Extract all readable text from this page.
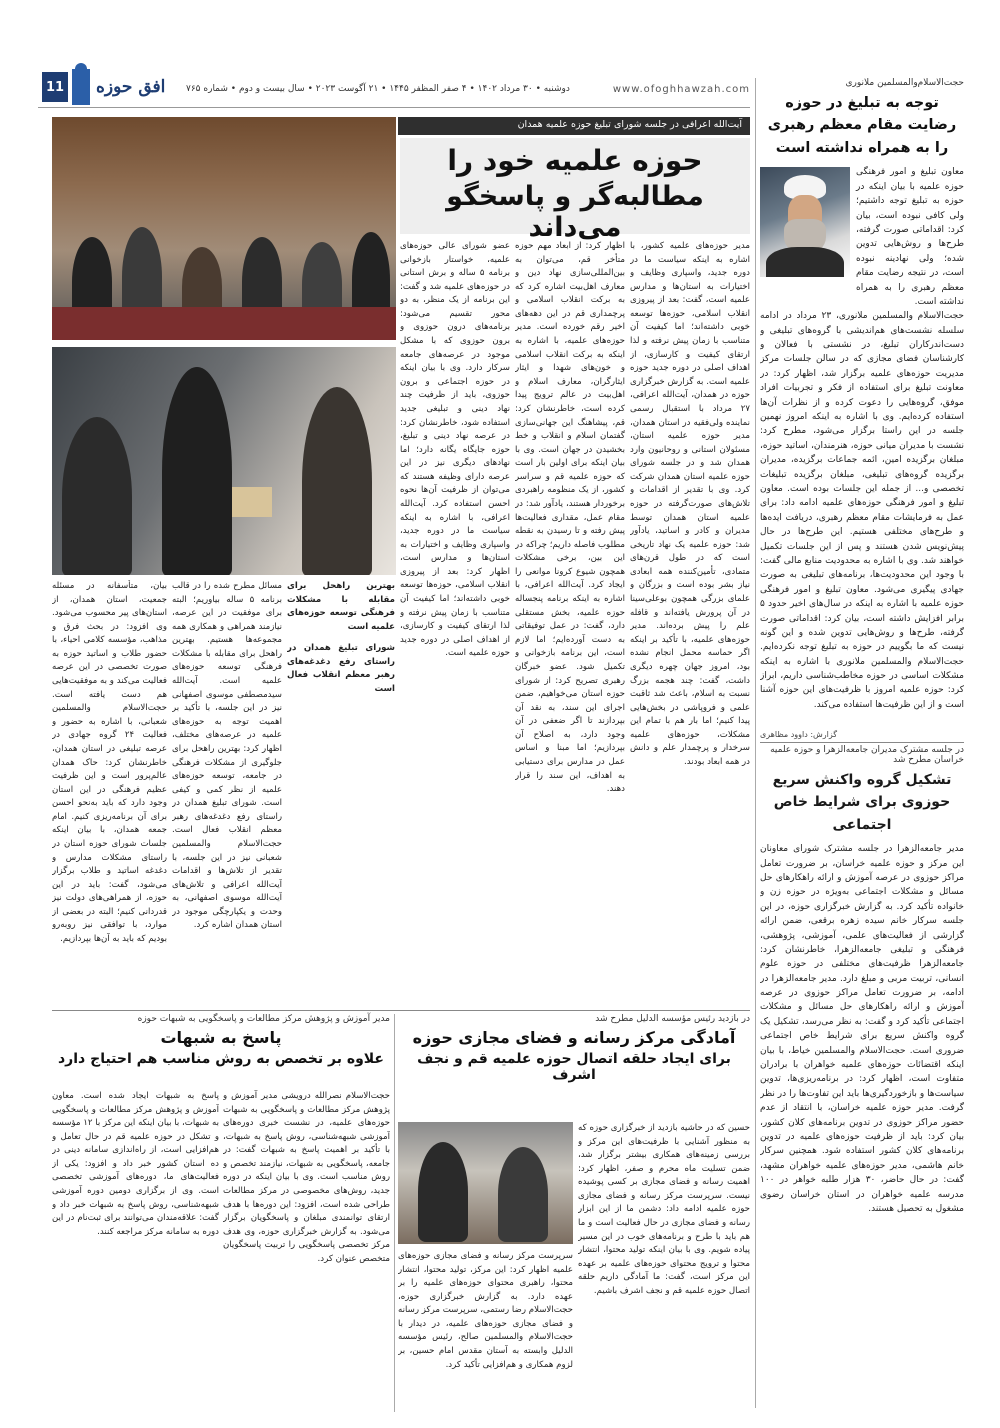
11 افق حوزه دوشنبه • ۳۰ مرداد ۱۴۰۲ • ۴ صفر المظفر ۱۴۴۵ • ۲۱ آگوست ۲۰۲۳ • سال بیست و دوم • شماره ۷۶۵	www.ofoghhawzah.com
حجت‌الاسلام‌والمسلمین ملانوری
توجه به تبلیغ در حوزه رضایت مقام معظم رهبری را به همراه نداشته است

معاون تبلیغ و امور فرهنگی حوزه علمیه با بیان اینکه در حوزه به تبلیغ توجه داشتیم؛ ولی کافی نبوده است، بیان کرد: اقداماتی صورت گرفته، طرح‌ها و روش‌هایی تدوین شده؛ ولی نهادینه نبوده است، در نتیجه رضایت مقام معظم رهبری را به همراه نداشته است.

حجت‌الاسلام والمسلمین ملانوری، ۲۳ مرداد در ادامه سلسله نشست‌های هم‌اندیشی با گروه‌های تبلیغی و دست‌اندرکاران تبلیغ، در نشستی با فعالان و کارشناسان فضای مجازی که در سالن جلسات مرکز مدیریت حوزه‌های علمیه برگزار شد، اظهار کرد: در معاونت تبلیغ برای استفاده از فکر و تجربیات افراد موفق، گروه‌هایی را دعوت کرده و از نظرات آن‌ها استفاده کرده‌ایم. وی با اشاره به اینکه امروز نهمین جلسه در این راستا برگزار می‌شود، مطرح کرد: نشست با مدیران میانی حوزه، هنرمندان، اساتید حوزه، مبلغان برگزیده امین، ائمه جماعات برگزیده، مدیران برگزیده گروه‌های تبلیغی، مبلغان برگزیده تبلیغات تخصصی و... از جمله این جلسات بوده است. معاون تبلیغ و امور فرهنگی حوزه‌های علمیه ادامه داد: برای عمل به فرمایشات مقام معظم رهبری، دریافت ایده‌ها و طرح‌های مختلفی هستیم. این طرح‌ها در حال پیش‌نویس شدن هستند و پس از این جلسات تکمیل خواهند شد. وی با اشاره به محدودیت منابع مالی گفت: با وجود این محدودیت‌ها، برنامه‌های تبلیغی به صورت جهادی پیگیری می‌شود. معاون تبلیغ و امور فرهنگی حوزه علمیه با اشاره به اینکه در سال‌های اخیر حدود ۵ برابر افزایش داشته است، بیان کرد: اقداماتی صورت گرفته، طرح‌ها و روش‌هایی تدوین شده و این گونه نیست که ما بگوییم در حوزه به تبلیغ توجه نکرده‌ایم. حجت‌الاسلام والمسلمین ملانوری با اشاره به اینکه مشکلات اساسی در حوزه مخاطب‌شناسی داریم، ابراز کرد: حوزه علمیه امروز با ظرفیت‌های این حوزه آشنا است و از این ظرفیت‌ها استفاده می‌کند.

گزارش: داوود مظاهری
در جلسه مشترک مدیران جامعه‌الزهرا و حوزه علمیه خراسان مطرح شد
تشکیل گروه واکنش سریع حوزوی برای شرایط خاص اجتماعی

مدیر جامعه‌الزهرا در جلسه مشترک شورای معاونان این مرکز و حوزه علمیه خراسان، بر ضرورت تعامل مراکز حوزوی در عرصه آموزش و ارائه راهکارهای حل مسائل و مشکلات اجتماعی به‌ویژه در حوزه زن و خانواده تأکید کرد. به گزارش خبرگزاری حوزه، در این جلسه سرکار خانم سیده زهره برقعی، ضمن ارائه گزارشی از فعالیت‌های علمی، آموزشی، پژوهشی، فرهنگی و تبلیغی جامعه‌الزهرا، خاطرنشان کرد: جامعه‌الزهرا ظرفیت‌های مختلفی در حوزه علوم انسانی، تربیت مربی و مبلغ دارد. مدیر جامعه‌الزهرا در ادامه، بر ضرورت تعامل مراکز حوزوی در عرصه آموزش و ارائه راهکارهای حل مسائل و مشکلات اجتماعی تأکید کرد و گفت: به نظر می‌رسد، تشکیل یک گروه واکنش سریع برای شرایط خاص اجتماعی ضروری است. حجت‌الاسلام والمسلمین خیاط، با بیان اینکه اقتضائات حوزه‌های علمیه خواهران با برادران متفاوت است، اظهار کرد: در برنامه‌ریزی‌ها، تدوین سیاست‌ها و بازخوردگیری‌ها باید این تفاوت‌ها را در نظر گرفت. مدیر حوزه علمیه خراسان، با انتقاد از عدم حضور مراکز حوزوی در تدوین برنامه‌های کلان کشور، بیان کرد: باید از ظرفیت حوزه‌های علمیه در تدوین برنامه‌های کلان کشور استفاده شود. همچنین سرکار خانم هاشمی، مدیر حوزه‌های علمیه خواهران مشهد، گفت: در حال حاضر، ۳۰ هزار طلبه خواهر در ۱۰۰ مدرسه علمیه خواهران در استان خراسان رضوی مشغول به تحصیل هستند.

آیت‌الله اعرافی در جلسه شورای تبلیغ حوزه علمیه همدان
حوزه علمیه خود را
مطالبه‌گر و پاسخگو می‌داند
مدیر حوزه‌های علمیه کشور، با اشاره به اینکه سیاست ما در دوره جدید، واسپاری وظایف و اختیارات به استان‌ها و مدارس علمیه است، گفت: بعد از پیروزی انقلاب اسلامی، حوزه‌ها توسعه خوبی داشته‌اند؛ اما کیفیت آن متناسب با زمان پیش نرفته و لذا ارتقای کیفیت و کارسازی، از اهداف اصلی در دوره جدید حوزه علمیه است. به گزارش خبرگزاری حوزه در همدان، آیت‌الله اعرافی، ۲۷ مرداد با استقبال رسمی نماینده ولی‌فقیه در استان همدان، مدیر حوزه علمیه استان، مسئولان استانی و روحانیون وارد همدان شد و در جلسه شورای حوزه علمیه استان همدان شرکت کرد. وی با تقدیر از اقدامات و تلاش‌های صورت‌گرفته در حوزه علمیه استان همدان توسط مدیران و کادر و اساتید، یادآور شد: حوزه علمیه یک نهاد تاریخی است که در طول قرن‌های متمادی، تأمین‌کننده همه ابعادی نیاز بشر بوده است و بزرگان و علمای بزرگی همچون بوعلی‌سینا در آن پرورش یافته‌اند و قافله علم را پیش برده‌اند. مدیر حوزه‌های علمیه، با تأکید بر اینکه اگر حماسه محمل انجام نشده بود، امروز جهان چهره دیگری داشت، گفت: چند هجمه بزرگ نسبت به اسلام، باعث شد ثاقبت علمی و فروپاشی در بخش‌هایی پیدا کنیم؛ اما بار هم با تمام این مشکلات، حوزه‌های علمیه سرخدار و پرچمدار علم و دانش در همه ابعاد بودند.
اظهار کرد: از ابعاد مهم حوزه متأخر قم، می‌توان به بین‌المللی‌سازی نهاد دین و معارف اهل‌بیت اشاره کرد که به برکت انقلاب اسلامی و پرچمداری قم در این دهه‌های اخیر رقم خورده است. مدیر حوزه‌های علمیه، با اشاره به اینکه به برکت انقلاب اسلامی و خون‌های شهدا و ایثار ایثارگران، معارف اسلام و اهل‌بیت در عالم ترویج پیدا کرده است، خاطرنشان کرد: قم، پیشاهنگ این جهانی‌سازی گفتمان اسلام و انقلاب و خط بخشیدن در جهان است. وی با بیان اینکه برای اولین بار است که حوزه علمیه قم و سراسر کشور، از یک منظومه راهبردی برخوردار هستند، یادآور شد: در مقام عمل، مقداری فعالیت‌ها پیش رفته و تا رسیدن به نقطه مطلوب فاصله داریم؛ چراکه در این بین، برخی مشکلات همچون شیوع کرونا موانعی را ایجاد کرد. آیت‌الله اعرافی، با اشاره به اینکه برنامه پنجساله حوزه علمیه، بخش مستقلی دارد، گفت: در عمل توفیقاتی به دست آورده‌ایم؛ اما لازم است، این برنامه بازخوانی و تکمیل شود. عضو خبرگان رهبری تصریح کرد: از شورای حوزه استان می‌خواهیم، ضمن اجرای این سند، به نقد آن بپردازند تا اگر ضعفی در آن وجود دارد، به اصلاح آن بپردازیم؛ اما مبنا و اساس عمل در مدارس برای دستیابی به اهداف، این سند را قرار دهند.
عضو شورای عالی حوزه‌های علمیه، خواستار بازخوانی برنامه ۵ ساله و برش استانی در حوزه‌های علمیه شد و گفت: این برنامه از یک منظر، به دو محور تقسیم می‌شود: برنامه‌های درون حوزوی و برون حوزوی که با مشکل موجود در عرصه‌های جامعه سرکار دارد. وی با بیان اینکه در حوزه اجتماعی و برون حوزوی، باید از ظرفیت چند نهاد دینی و تبلیغی جدید استفاده شود، خاطرنشان کرد: در عرصه نهاد دینی و تبلیغ، حوزه جایگاه یگانه دارد؛ اما نهادهای دیگری نیز در این عرصه دارای وظیفه هستند که می‌توان از ظرفیت آن‌ها نحوه احسن استفاده کرد. آیت‌الله اعرافی، با اشاره به اینکه سیاست ما در دوره جدید، واسپاری وظایف و اختیارات به استان‌ها و مدارس است، اظهار کرد: بعد از پیروزی انقلاب اسلامی، حوزه‌ها توسعه خوبی داشته‌اند؛ اما کیفیت آن متناسب با زمان پیش نرفته و لذا ارتقای کیفیت و کارسازی، از اهداف اصلی در دوره جدید حوزه علمیه است.
بیان، متأسفانه در مسئله جمعیت، استان همدان، از استان‌های پیر محسوب می‌شود. وی افزود: در بحث فرق و مذاهب، مؤسسه کلامی احیاء، با حضور طلاب و اساتید حوزه به صورت تخصصی در این عرصه فعالیت می‌کند و به موفقیت‌هایی هم دست یافته است. حجت‌الاسلام والمسلمین شعبانی، با اشاره به حضور و فعالیت ۲۴ گروه جهادی در عرصه تبلیغی در استان همدان، خاطرنشان کرد: حاک همدان عالم‌پرور است و این ظرفیت عظیم فرهنگی در این استان وجود دارد که باید به‌نحو احسن برای آن برنامه‌ریزی کنیم. امام جمعه همدان، با بیان اینکه جلسات شورای حوزه استان در راستای مشکلات مدارس و دغدغه اساتید و طلاب برگزار می‌شود، گفت: باید در این حوزه، از همراهی‌های دولت نیز قدردانی کنیم؛ البته در بعضی از موارد، با توافقی نیز روبه‌رو بودیم که باید به آن‌ها بپردازیم.
مسائل مطرح شده را در قالب برنامه ۵ ساله بیاوریم؛ البته برای موفقیت در این عرصه، نیازمند همراهی و همکاری همه مجموعه‌ها هستیم. بهترین راهحل برای مقابله با مشکلات فرهنگی توسعه حوزه‌های علمیه است. آیت‌الله سیدمصطفی موسوی اصفهانی نیز در این جلسه، با تأکید بر اهمیت توجه به حوزه‌های علمیه در عرصه‌های مختلف، اظهار کرد: بهترین راهحل برای جلوگیری از مشکلات فرهنگی در جامعه، توسعه حوزه‌های علمیه از نظر کمی و کیفی است. شورای تبلیغ همدان در راستای رفع دغدغه‌های رهبر معظم انقلاب فعال است. حجت‌الاسلام والمسلمین شعبانی نیز در این جلسه، با تقدیر از تلاش‌ها و اقدامات آیت‌الله اعرافی و تلاش‌های آیت‌الله موسوی اصفهانی، به وحدت و یکپارچگی موجود در استان همدان اشاره کرد.

بهترین راهحل برای مقابله با مشکلات فرهنگی توسعه حوزه‌های علمیه است

شورای تبلیغ همدان در راستای رفع دغدغه‌های رهبر معظم انقلاب فعال است

در بازدید رئیس مؤسسه الدلیل مطرح شد
آمادگی مرکز رسانه و فضای مجازی حوزه
برای ایجاد حلقه اتصال حوزه علمیه قم و نجف اشرف
حسین که در حاشیه بازدید از خبرگزاری حوزه که به منظور آشنایی با ظرفیت‌های این مرکز و بررسی زمینه‌های همکاری بیشتر برگزار شد، ضمن تسلیت ماه محرم و صفر، اظهار کرد: اهمیت رسانه و فضای مجازی بر کسی پوشیده نیست. سرپرست مرکز رسانه و فضای مجازی حوزه علمیه ادامه داد: دشمن ما از این ابزار رسانه و فضای مجازی در حال فعالیت است و ما هم باید با طرح و برنامه‌های خوب در این مسیر پیاده شویم. وی با بیان اینکه تولید محتوا، انتشار محتوا و ترویج محتوای حوزه‌های علمیه بر عهده این مرکز است، گفت: ما آمادگی داریم حلقه اتصال حوزه علمیه قم و نجف اشرف باشیم.
سرپرست مرکز رسانه و فضای مجازی حوزه‌های علمیه اظهار کرد: این مرکز، تولید محتوا، انتشار محتوا، راهبری محتوای حوزه‌های علمیه را بر عهده دارد. به گزارش خبرگزاری حوزه، حجت‌الاسلام رضا رستمی، سرپرست مرکز رسانه و فضای مجازی حوزه‌های علمیه، در دیدار با حجت‌الاسلام والمسلمین صالح، رئیس مؤسسه الدلیل وابسته به آستان مقدس امام حسین، بر لزوم همکاری و هم‌افزایی تأکید کرد.
مدیر آموزش و پژوهش مرکز مطالعات و پاسخگویی به شبهات حوزه
پاسخ به شبهات
علاوه بر تخصص به روش مناسب هم احتیاج دارد
حجت‌الاسلام نصرالله درویشی مدیر آموزش و پژوهش مرکز مطالعات و پاسخگویی به شبهات حوزه‌های علمیه، در نشست خبری دوره‌های آموزشی شبهه‌شناسی، روش پاسخ به شبهات، با تأکید بر اهمیت پاسخ به شبهات گفت: در جامعه، پاسخگویی به شبهات، نیازمند تخصص و روش مناسب است. وی با بیان اینکه در دوره جدید، روش‌های مخصوصی در مرکز مطالعات طراحی شده است، افزود: این دوره‌ها با هدف ارتقای توانمندی مبلغان و پاسخگویان برگزار می‌شود. به گزارش خبرگزاری حوزه، وی هدف مرکز تخصصی پاسخگویی را تربیت پاسخگویان متخصص عنوان کرد.
پاسخ به شبهات ایجاد شده است. معاون آموزش و پژوهش مرکز مطالعات و پاسخگویی به شبهات، با بیان اینکه این مرکز با ۱۲ مؤسسه و تشکل در حوزه علمیه قم در حال تعامل و هم‌افزایی است، از راه‌اندازی سامانه دینی در ده استان کشور خبر داد و افزود: یکی از فعالیت‌های ما، دوره‌های آموزشی تخصصی است. وی از برگزاری دومین دوره آموزشی شبهه‌شناسی، روش پاسخ به شبهات خبر داد و گفت: علاقه‌مندان می‌توانند برای ثبت‌نام در این دوره به سامانه مرکز مراجعه کنند.
